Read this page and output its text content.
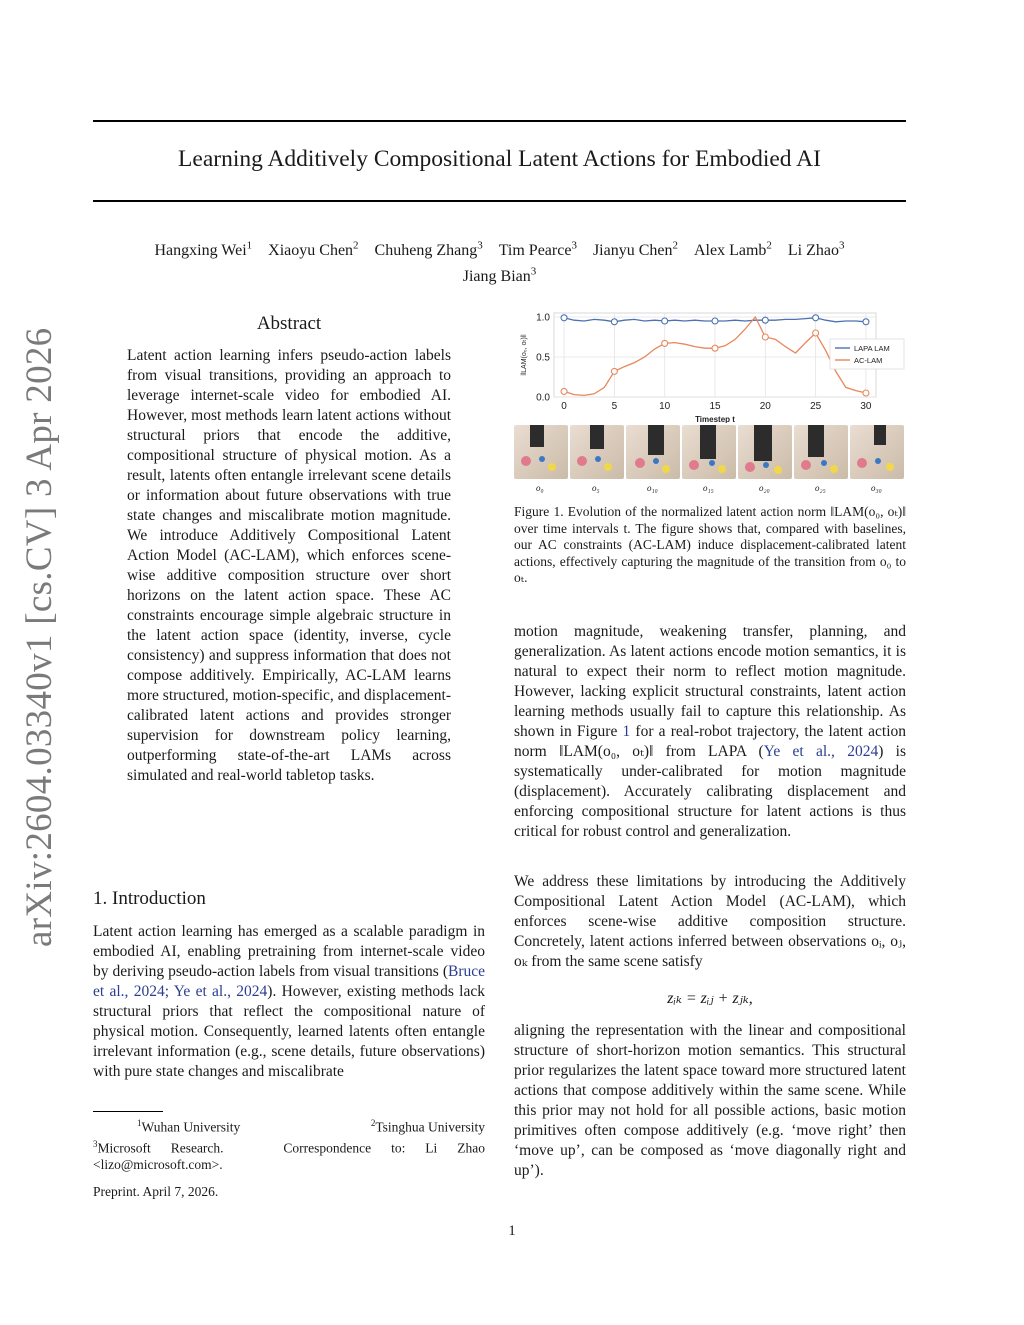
arXiv:2604.03340v1 [cs.CV] 3 Apr 2026
Learning Additively Compositional Latent Actions for Embodied AI
Hangxing Wei$^1$ Xiaoyu Chen$^2$ Chuheng Zhang$^3$ Tim Pearce$^3$ Jianyu Chen$^2$ Alex Lamb$^2$ Li Zhao$^3$
Jiang Bian$^3$
Abstract
Latent action learning infers pseudo-action labels from visual transitions, providing an approach to leverage internet-scale video for embodied AI. However, most methods learn latent actions without structural priors that encode the additive, compositional structure of physical motion. As a result, latents often entangle irrelevant scene details or information about future observations with true state changes and miscalibrate motion magnitude. We introduce Additively Compositional Latent Action Model (AC-LAM), which enforces scene-wise additive composition structure over short horizons on the latent action space. These AC constraints encourage simple algebraic structure in the latent action space (identity, inverse, cycle consistency) and suppress information that does not compose additively. Empirically, AC-LAM learns more structured, motion-specific, and displacement-calibrated latent actions and provides stronger supervision for downstream policy learning, outperforming state-of-the-art LAMs across simulated and real-world tabletop tasks.
1. Introduction
Latent action learning has emerged as a scalable paradigm in embodied AI, enabling pretraining from internet-scale video by deriving pseudo-action labels from visual transitions (Bruce et al., 2024; Ye et al., 2024). However, existing methods lack structural priors that reflect the compositional nature of physical motion. Consequently, learned latents often entangle irrelevant information (e.g., scene details, future observations) with pure state changes and miscalibrate
$^1$Wuhan University	$^2$Tsinghua University
$^3$Microsoft Research.	Correspondence to: Li Zhao <lizo@microsoft.com>.
Preprint. April 7, 2026.
0.0
0.5
1.0
0	5	10	15	20	25	30
Timestep t
‖LAM(o₀, oₜ)‖	LAPA LAM
AC-LAM
o₀	o₅	o₁₀	o₁₅	o₂₀	o₂₅	o₃₀
Figure 1. Evolution of the normalized latent action norm ‖LAM(o₀, oₜ)‖ over time intervals t. The figure shows that, compared with baselines, our AC constraints (AC-LAM) induce displacement-calibrated latent actions, effectively capturing the magnitude of the transition from o₀ to oₜ.
motion magnitude, weakening transfer, planning, and generalization. As latent actions encode motion semantics, it is natural to expect their norm to reflect motion magnitude. However, lacking explicit structural constraints, latent action learning methods usually fail to capture this relationship. As shown in Figure 1 for a real-robot trajectory, the latent action norm ‖LAM(o₀, oₜ)‖ from LAPA (Ye et al., 2024) is systematically under-calibrated for motion magnitude (displacement). Accurately calibrating displacement and enforcing compositional structure for latent actions is thus critical for robust control and generalization.
We address these limitations by introducing the Additively Compositional Latent Action Model (AC-LAM), which enforces scene-wise additive composition structure. Concretely, latent actions inferred between observations oᵢ, oⱼ, oₖ from the same scene satisfy
zᵢₖ = zᵢⱼ + zⱼₖ,
aligning the representation with the linear and compositional structure of short-horizon motion semantics. This structural prior regularizes the latent space toward more structured latent actions that compose additively within the same scene. While this prior may not hold for all possible actions, basic motion primitives often compose additively (e.g. ‘move right’ then ‘move up’, can be composed as ‘move diagonally right and up’).
1
